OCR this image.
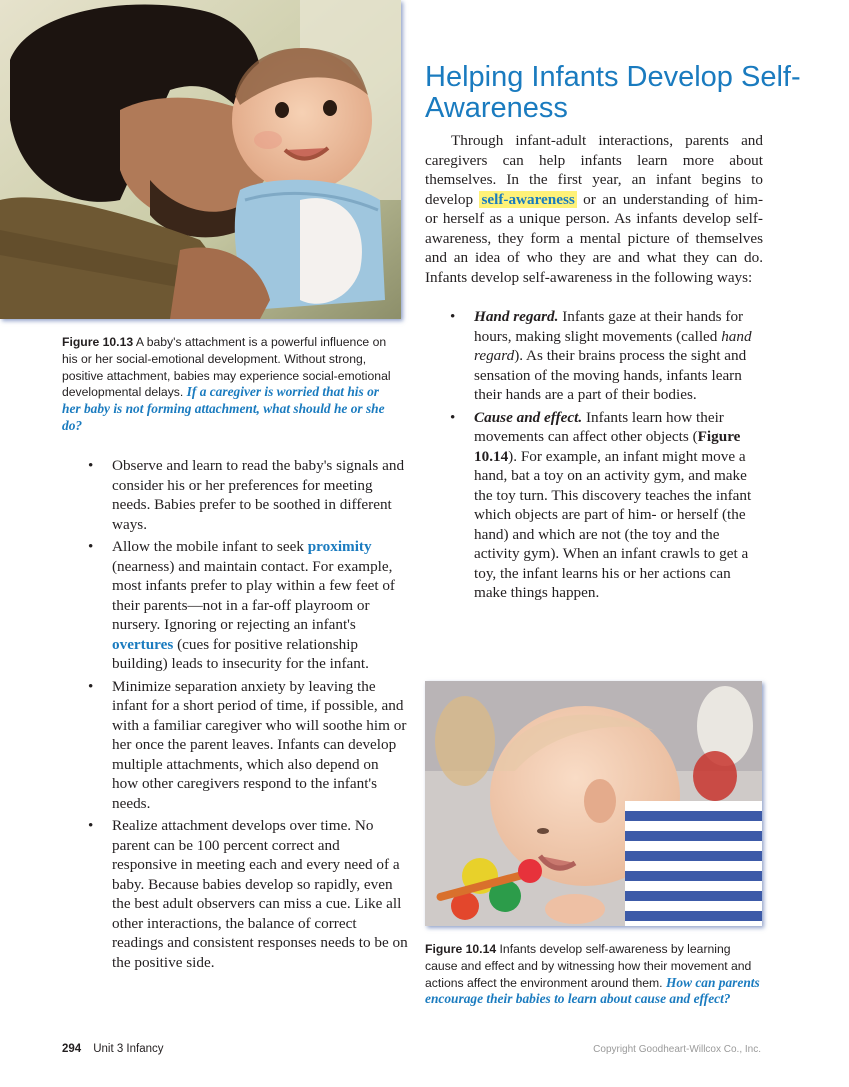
Figure 10.13 A baby's attachment is a powerful influence on his or her social-emotional development. Without strong, positive attachment, babies may experience social-emotional developmental delays. If a caregiver is worried that his or her baby is not forming attachment, what should he or she do?
• Observe and learn to read the baby's signals and consider his or her preferences for meeting needs. Babies prefer to be soothed in different ways.
• Allow the mobile infant to seek proximity (nearness) and maintain contact. For example, most infants prefer to play within a few feet of their parents—not in a far-off playroom or nursery. Ignoring or rejecting an infant's overtures (cues for positive relationship building) leads to insecurity for the infant.
• Minimize separation anxiety by leaving the infant for a short period of time, if possible, and with a familiar caregiver who will soothe him or her once the parent leaves. Infants can develop multiple attachments, which also depend on how other caregivers respond to the infant's needs.
• Realize attachment develops over time. No parent can be 100 percent correct and responsive in meeting each and every need of a baby. Because babies develop so rapidly, even the best adult observers can miss a cue. Like all other interactions, the balance of correct readings and consistent responses needs to be on the positive side.
Helping Infants Develop Self-Awareness

Through infant-adult interactions, parents and caregivers can help infants learn more about themselves. In the first year, an infant begins to develop self-awareness or an understanding of him- or herself as a unique person. As infants develop self-awareness, they form a mental picture of themselves and an idea of who they are and what they can do. Infants develop self-awareness in the following ways:

• Hand regard. Infants gaze at their hands for hours, making slight movements (called hand regard). As their brains process the sight and sensation of the moving hands, infants learn their hands are a part of their bodies.
• Cause and effect. Infants learn how their movements can affect other objects (Figure 10.14). For example, an infant might move a hand, bat a toy on an activity gym, and make the toy turn. This discovery teaches the infant which objects are part of him- or herself (the hand) and which are not (the toy and the activity gym). When an infant crawls to get a toy, the infant learns his or her actions can make things happen.
Figure 10.14 Infants develop self-awareness by learning cause and effect and by witnessing how their movement and actions affect the environment around them. How can parents encourage their babies to learn about cause and effect?
294 Unit 3 Infancy	Copyright Goodheart-Willcox Co., Inc.
